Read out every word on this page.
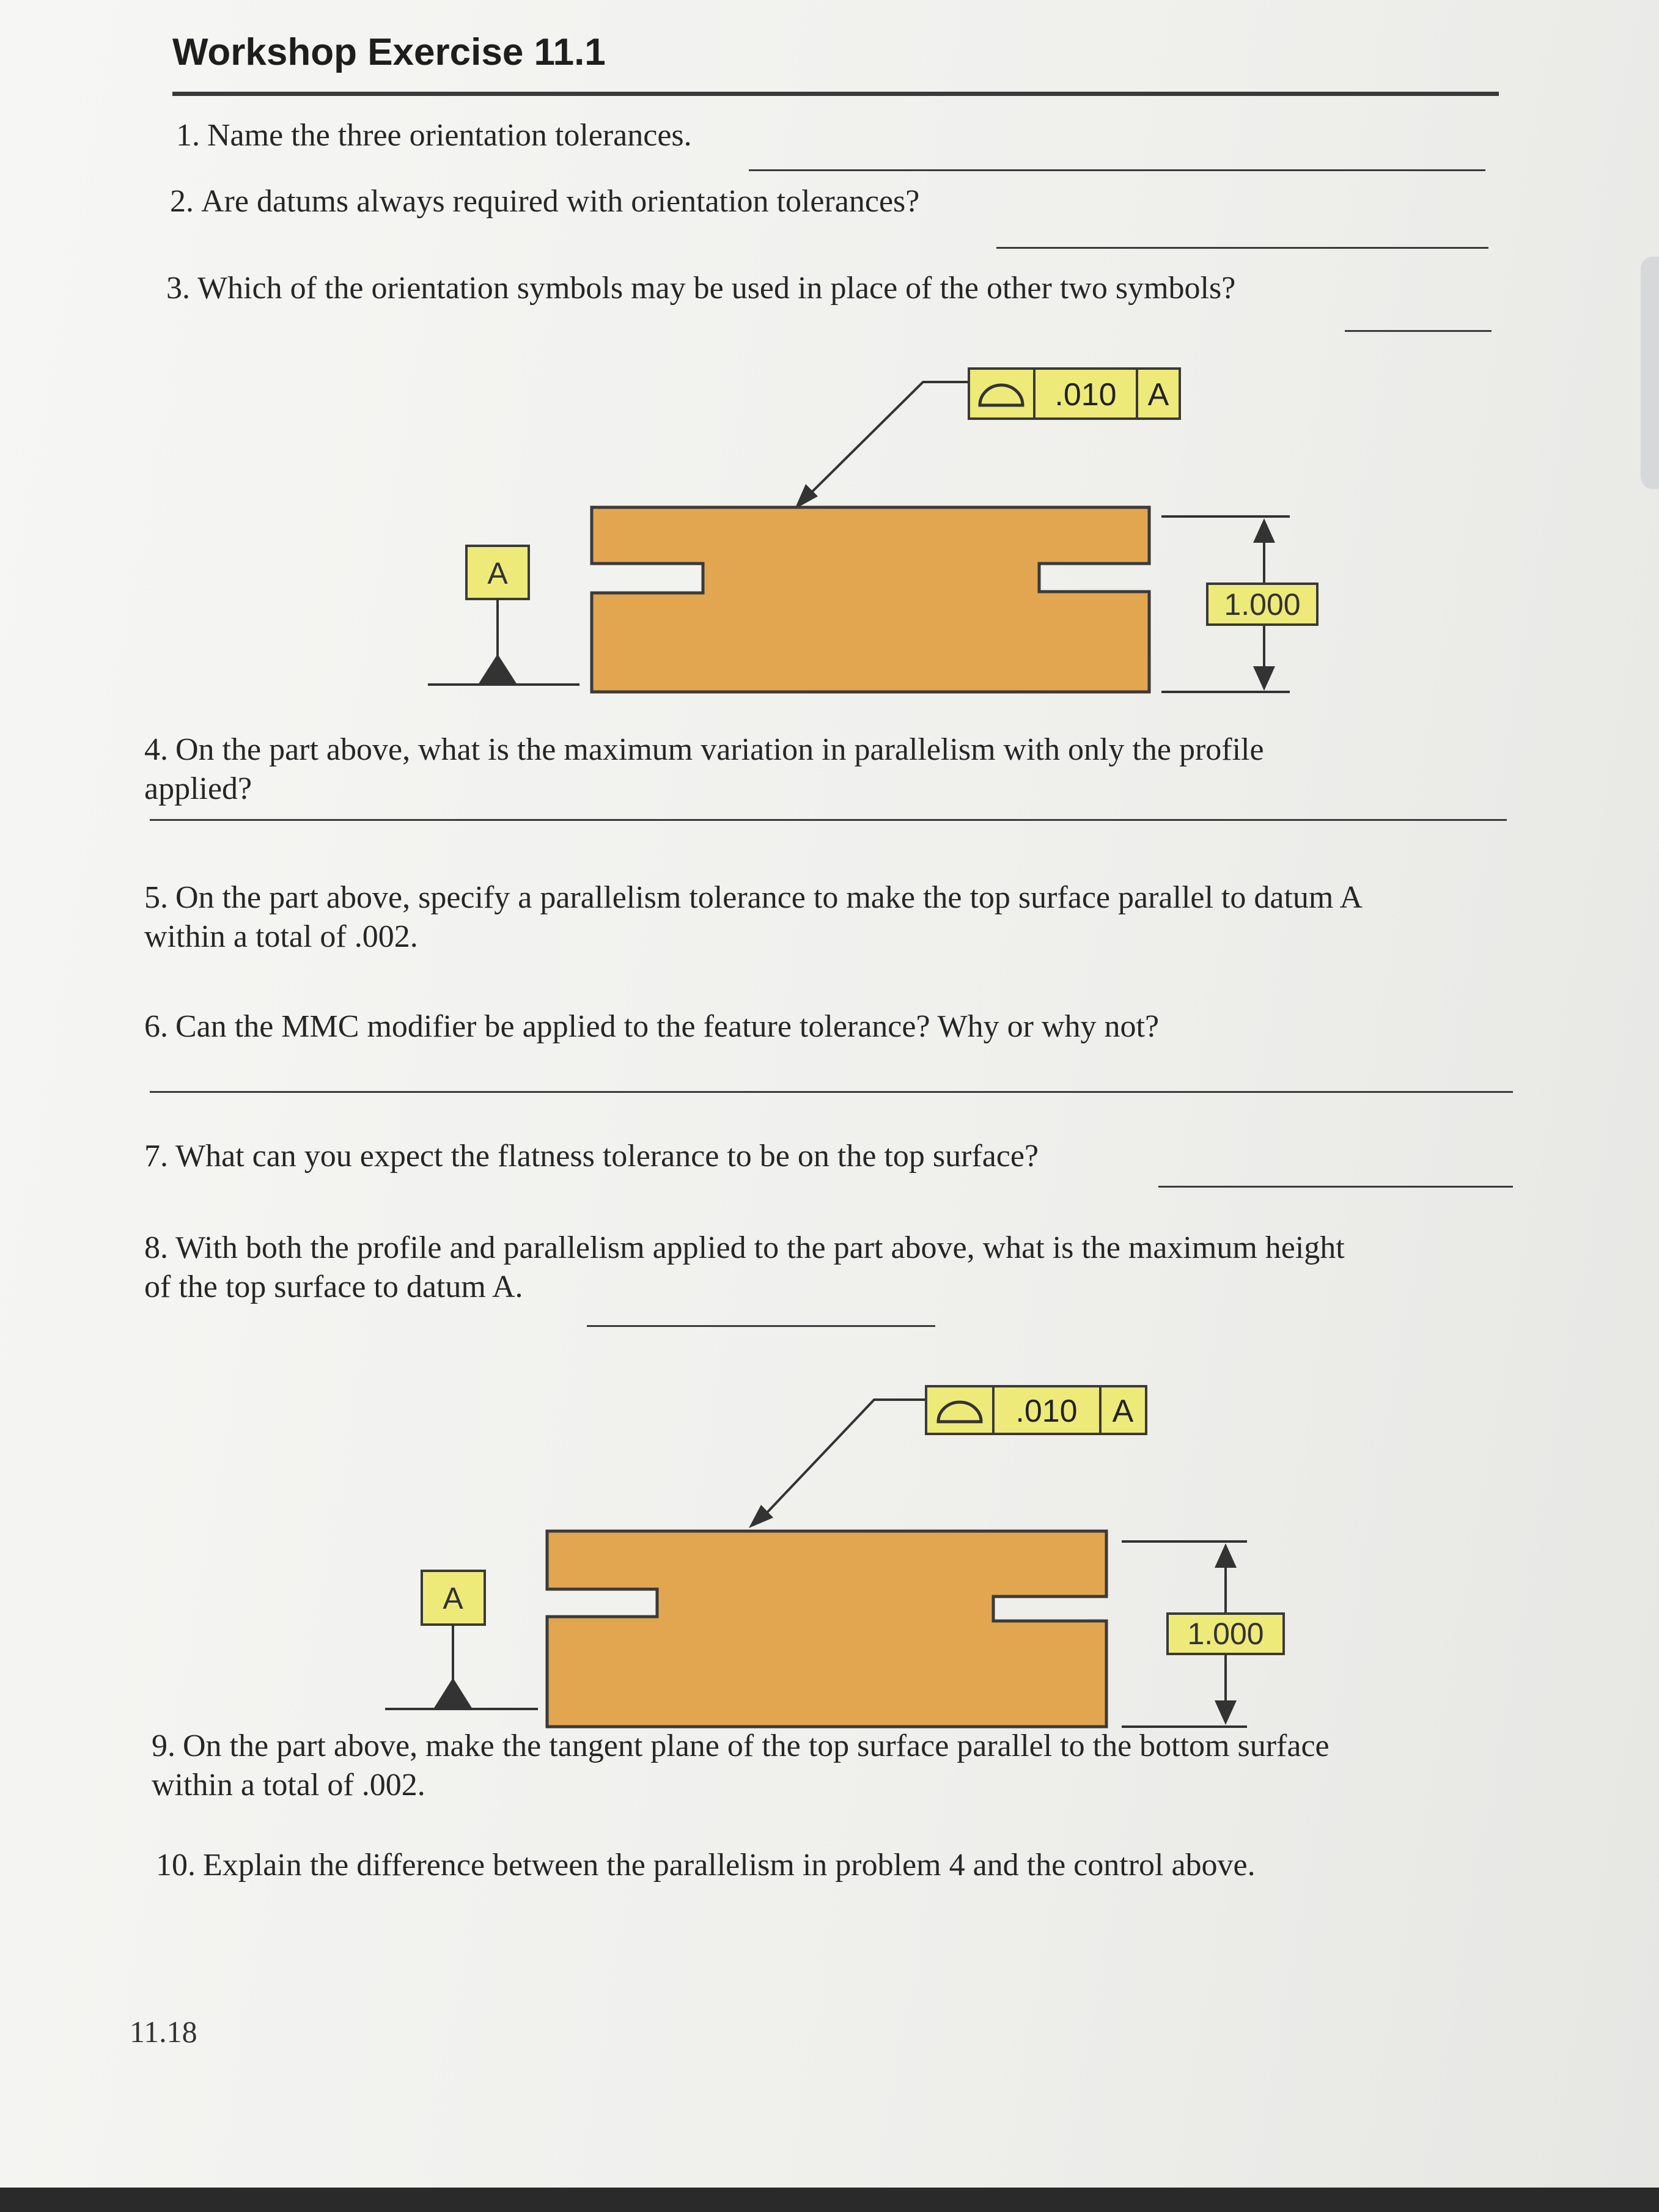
Workshop Exercise 11.1
1. Name the three orientation tolerances.
2. Are datums always required with orientation tolerances?
3. Which of the orientation symbols may be used in place of the other two symbols?
.010 A
A
1.000
.010 A
A
1.000
4. On the part above, what is the maximum variation in parallelism with only the profile
applied?
5. On the part above, specify a parallelism tolerance to make the top surface parallel to datum A
within a total of .002.
6. Can the MMC modifier be applied to the feature tolerance? Why or why not?
7. What can you expect the flatness tolerance to be on the top surface?
8. With both the profile and parallelism applied to the part above, what is the maximum height
of the top surface to datum A.
9. On the part above, make the tangent plane of the top surface parallel to the bottom surface
within a total of .002.
10. Explain the difference between the parallelism in problem 4 and the control above.
11.18
